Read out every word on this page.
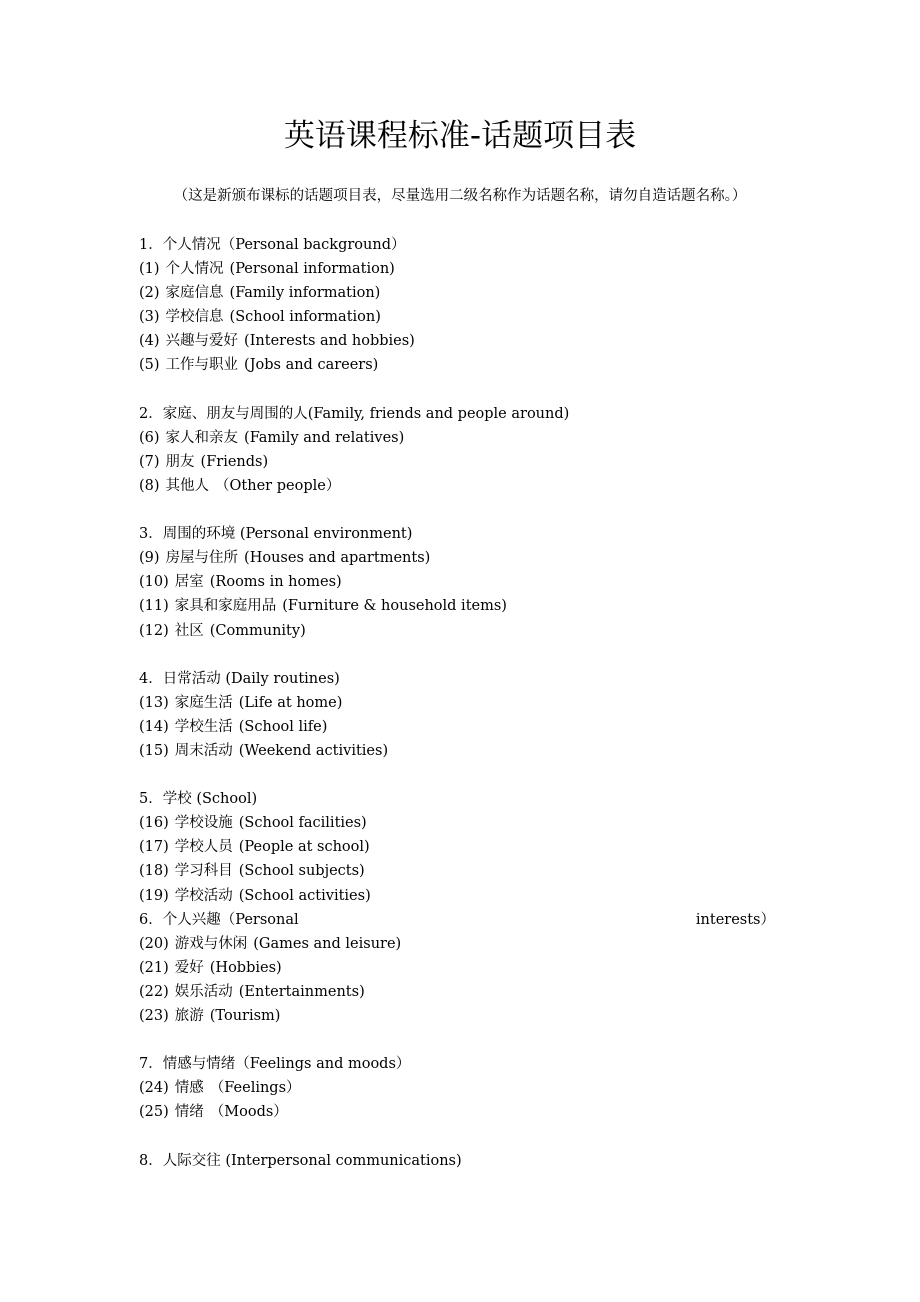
英语课程标准-话题项目表
（这是新颁布课标的话题项目表，尽量选用二级名称作为话题名称，请勿自造话题名称。）
1．个人情况（Personal background）
(1) 个人情况 (Personal information)
(2) 家庭信息 (Family information)
(3) 学校信息 (School information)
(4) 兴趣与爱好 (Interests and hobbies)
(5) 工作与职业 (Jobs and careers)
2．家庭、朋友与周围的人(Family, friends and people around)
(6) 家人和亲友 (Family and relatives)
(7) 朋友 (Friends)
(8) 其他人 （Other people）
3．周围的环境 (Personal environment)
(9) 房屋与住所 (Houses and apartments)
(10) 居室 (Rooms in homes)
(11) 家具和家庭用品 (Furniture & household items)
(12) 社区 (Community)
4．日常活动 (Daily routines)
(13) 家庭生活 (Life at home)
(14) 学校生活 (School life)
(15) 周末活动 (Weekend activities)
5．学校 (School)
(16) 学校设施 (School facilities)
(17) 学校人员 (People at school)
(18) 学习科目 (School subjects)
(19) 学校活动 (School activities)
6．个人兴趣（Personal	interests）
(20) 游戏与休闲 (Games and leisure)
(21) 爱好 (Hobbies)
(22) 娱乐活动 (Entertainments)
(23) 旅游 (Tourism)
7．情感与情绪（Feelings and moods）
(24) 情感 （Feelings）
(25) 情绪 （Moods）
8．人际交往 (Interpersonal communications)
